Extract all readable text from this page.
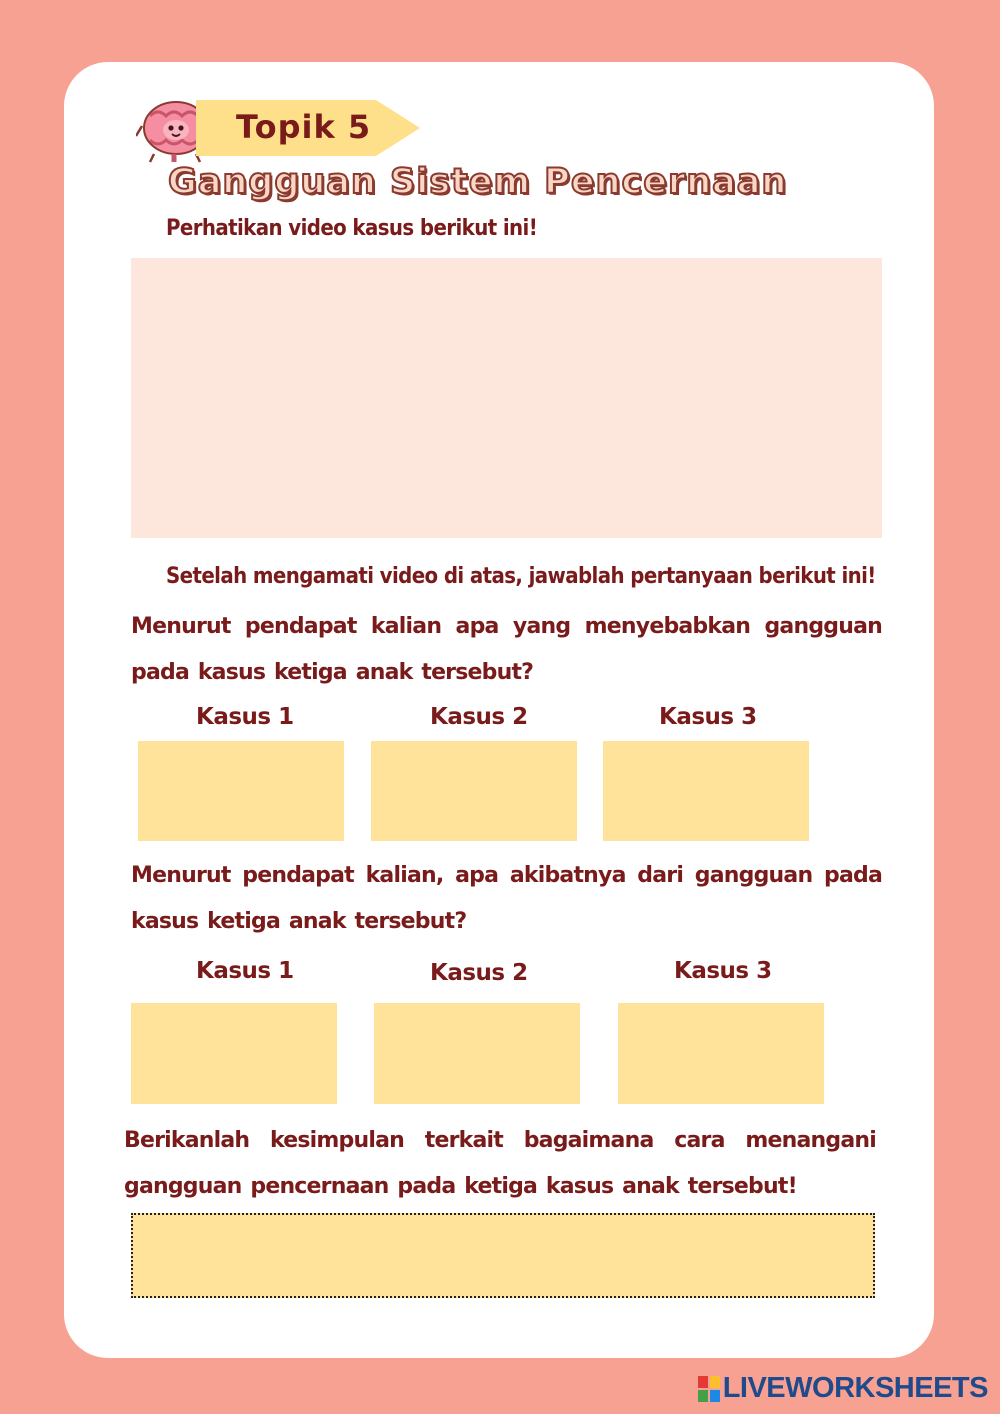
Topik 5
Gangguan Sistem Pencernaan
Perhatikan video kasus berikut ini!
Setelah mengamati video di atas, jawablah pertanyaan berikut ini!
Menurut pendapat kalian apa yang menyebabkan gangguan pada kasus ketiga anak tersebut?
Kasus 1	Kasus 2	Kasus 3
Menurut pendapat kalian, apa akibatnya dari gangguan pada kasus ketiga anak tersebut?
Kasus 1	Kasus 2	Kasus 3
Berikanlah kesimpulan terkait bagaimana cara menangani gangguan pencernaan pada ketiga kasus anak tersebut!
LIVEWORKSHEETS
